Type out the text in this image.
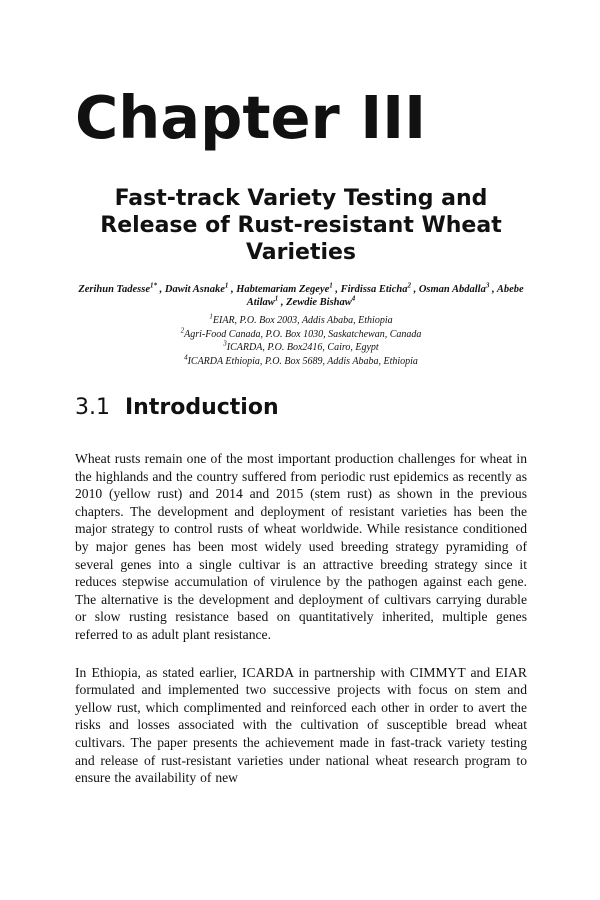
Chapter III
Fast-track Variety Testing and Release of Rust-resistant Wheat Varieties
Zerihun Tadesse$^{1*}$ , Dawit Asnake$^1$ , Habtemariam Zegeye$^1$ , Firdissa Eticha$^2$ , Osman Abdalla$^3$ , Abebe Atilaw$^1$ , Zewdie Bishaw$^4$
$^1$EIAR, P.O. Box 2003, Addis Ababa, Ethiopia
$^2$Agri-Food Canada, P.O. Box 1030, Saskatchewan, Canada
$^3$ICARDA, P.O. Box2416, Cairo, Egypt
$^4$ICARDA Ethiopia, P.O. Box 5689, Addis Ababa, Ethiopia
3.1 Introduction

Wheat rusts remain one of the most important production challenges for wheat in the highlands and the country suffered from periodic rust epidemics as recently as 2010 (yellow rust) and 2014 and 2015 (stem rust) as shown in the previous chapters. The development and deployment of resistant varieties has been the major strategy to control rusts of wheat worldwide. While resistance conditioned by major genes has been most widely used breeding strategy pyramiding of several genes into a single cultivar is an attractive breeding strategy since it reduces stepwise accumulation of virulence by the pathogen against each gene. The alternative is the development and deployment of cultivars carrying durable or slow rusting resistance based on quantitatively inherited, multiple genes referred to as adult plant resistance.

In Ethiopia, as stated earlier, ICARDA in partnership with CIMMYT and EIAR formulated and implemented two successive projects with focus on stem and yellow rust, which complimented and reinforced each other in order to avert the risks and losses associated with the cultivation of susceptible bread wheat cultivars. The paper presents the achievement made in fast-track variety testing and release of rust-resistant varieties under national wheat research program to ensure the availability of new
